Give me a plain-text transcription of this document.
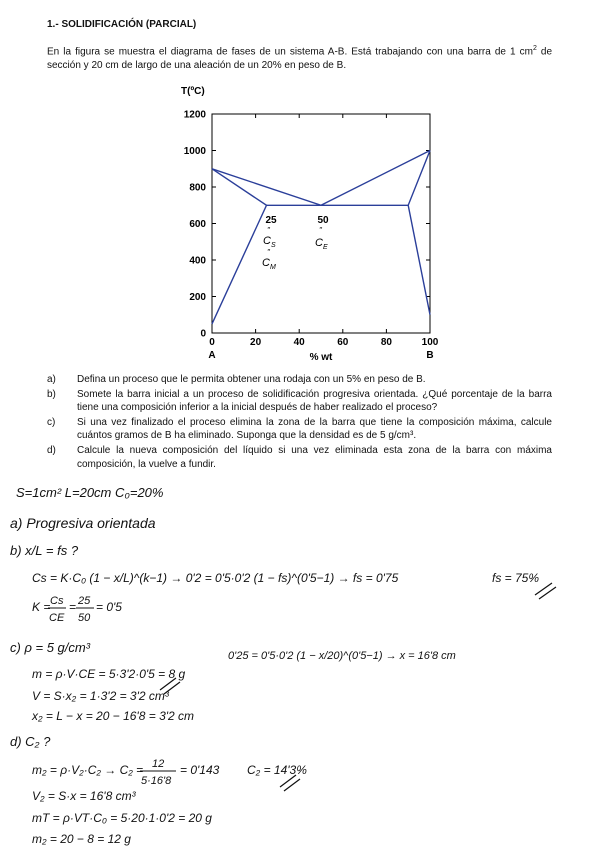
1.- SOLIDIFICACIÓN (PARCIAL)
En la figura se muestra el diagrama de fases de un sistema A-B. Está trabajando con una barra de 1 $cm^2$ de sección y 20 cm de largo de una aleación de un 20% en peso de B.
0
200
400
600
800
1000
1200
0	20	40	60	80	100
A	B
% wt
T(ºC)
25	50
"
C S
"
C M
"
C E
a) Defina un proceso que le permita obtener una rodaja con un 5% en peso de B.
b) Somete la barra inicial a un proceso de solidificación progresiva orientada. ¿Qué porcentaje de la barra tiene una composición inferior a la inicial después de haber realizado el proceso?
c) Si una vez finalizado el proceso elimina la zona de la barra que tiene la composición máxima, calcule cuántos gramos de B ha eliminado. Suponga que la densidad es de 5 g/cm³.
d) Calcule la nueva composición del líquido si una vez eliminada esta zona de la barra con máxima composición, la vuelve a fundir.
S=1cm² L=20cm C₀=20%
a) Progresiva orientada
b) x/L = fs ?
Cs = K·C₀ (1 − x/L)^(k−1) → 0'2 = 0'5·0'2 (1 − fs)^(0'5−1) → fs = 0'75	fs = 75%
K = Cs
CE
= 25
50
= 0'5
c) ρ = 5 g/cm³
0'25 = 0'5·0'2 (1 − x/20)^(0'5−1) → x = 16'8 cm
m = ρ·V·CE = 5·3'2·0'5 = 8 g
V = S·x₂ = 1·3'2 = 3'2 cm³
x₂ = L − x = 20 − 16'8 = 3'2 cm
d) C₂ ?
m₂ = ρ·V₂·C₂ → C₂ = 12
5·16'8
= 0'143 C₂ = 14'3%
V₂ = S·x = 16'8 cm³
mT = ρ·VT·C₀ = 5·20·1·0'2 = 20 g
m₂ = 20 − 8 = 12 g
